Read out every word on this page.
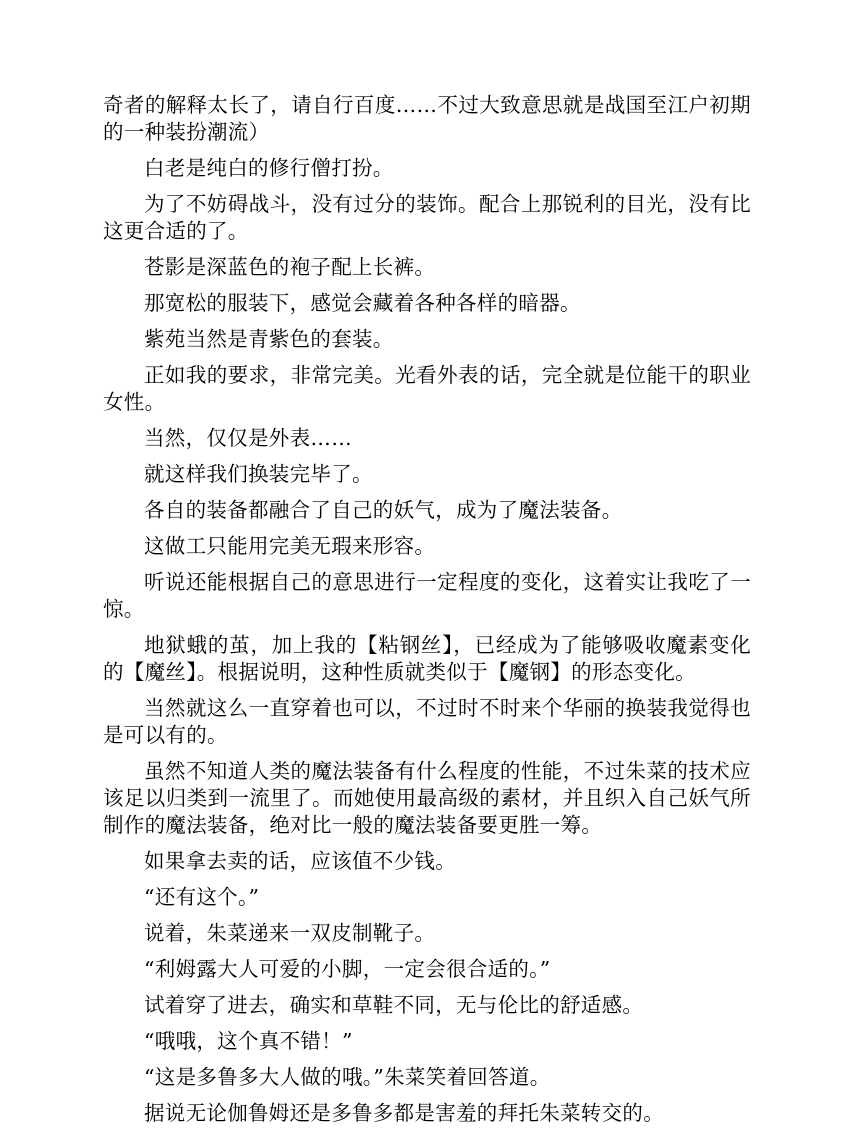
奇者的解释太长了，请自行百度……不过大致意思就是战国至江户初期的一种装扮潮流）

白老是纯白的修行僧打扮。

为了不妨碍战斗，没有过分的装饰。配合上那锐利的目光，没有比这更合适的了。

苍影是深蓝色的袍子配上长裤。

那宽松的服装下，感觉会藏着各种各样的暗器。

紫苑当然是青紫色的套装。

正如我的要求，非常完美。光看外表的话，完全就是位能干的职业女性。

当然，仅仅是外表……

就这样我们换装完毕了。

各自的装备都融合了自己的妖气，成为了魔法装备。

这做工只能用完美无瑕来形容。

听说还能根据自己的意思进行一定程度的变化，这着实让我吃了一惊。

地狱蛾的茧，加上我的【粘钢丝】，已经成为了能够吸收魔素变化的【魔丝】。根据说明，这种性质就类似于【魔钢】的形态变化。

当然就这么一直穿着也可以，不过时不时来个华丽的换装我觉得也是可以有的。

虽然不知道人类的魔法装备有什么程度的性能，不过朱菜的技术应该足以归类到一流里了。而她使用最高级的素材，并且织入自己妖气所制作的魔法装备，绝对比一般的魔法装备要更胜一筹。

如果拿去卖的话，应该值不少钱。

“还有这个。”

说着，朱菜递来一双皮制靴子。

“利姆露大人可爱的小脚，一定会很合适的。”

试着穿了进去，确实和草鞋不同，无与伦比的舒适感。

“哦哦，这个真不错！”

“这是多鲁多大人做的哦。”朱菜笑着回答道。

据说无论伽鲁姆还是多鲁多都是害羞的拜托朱菜转交的。
